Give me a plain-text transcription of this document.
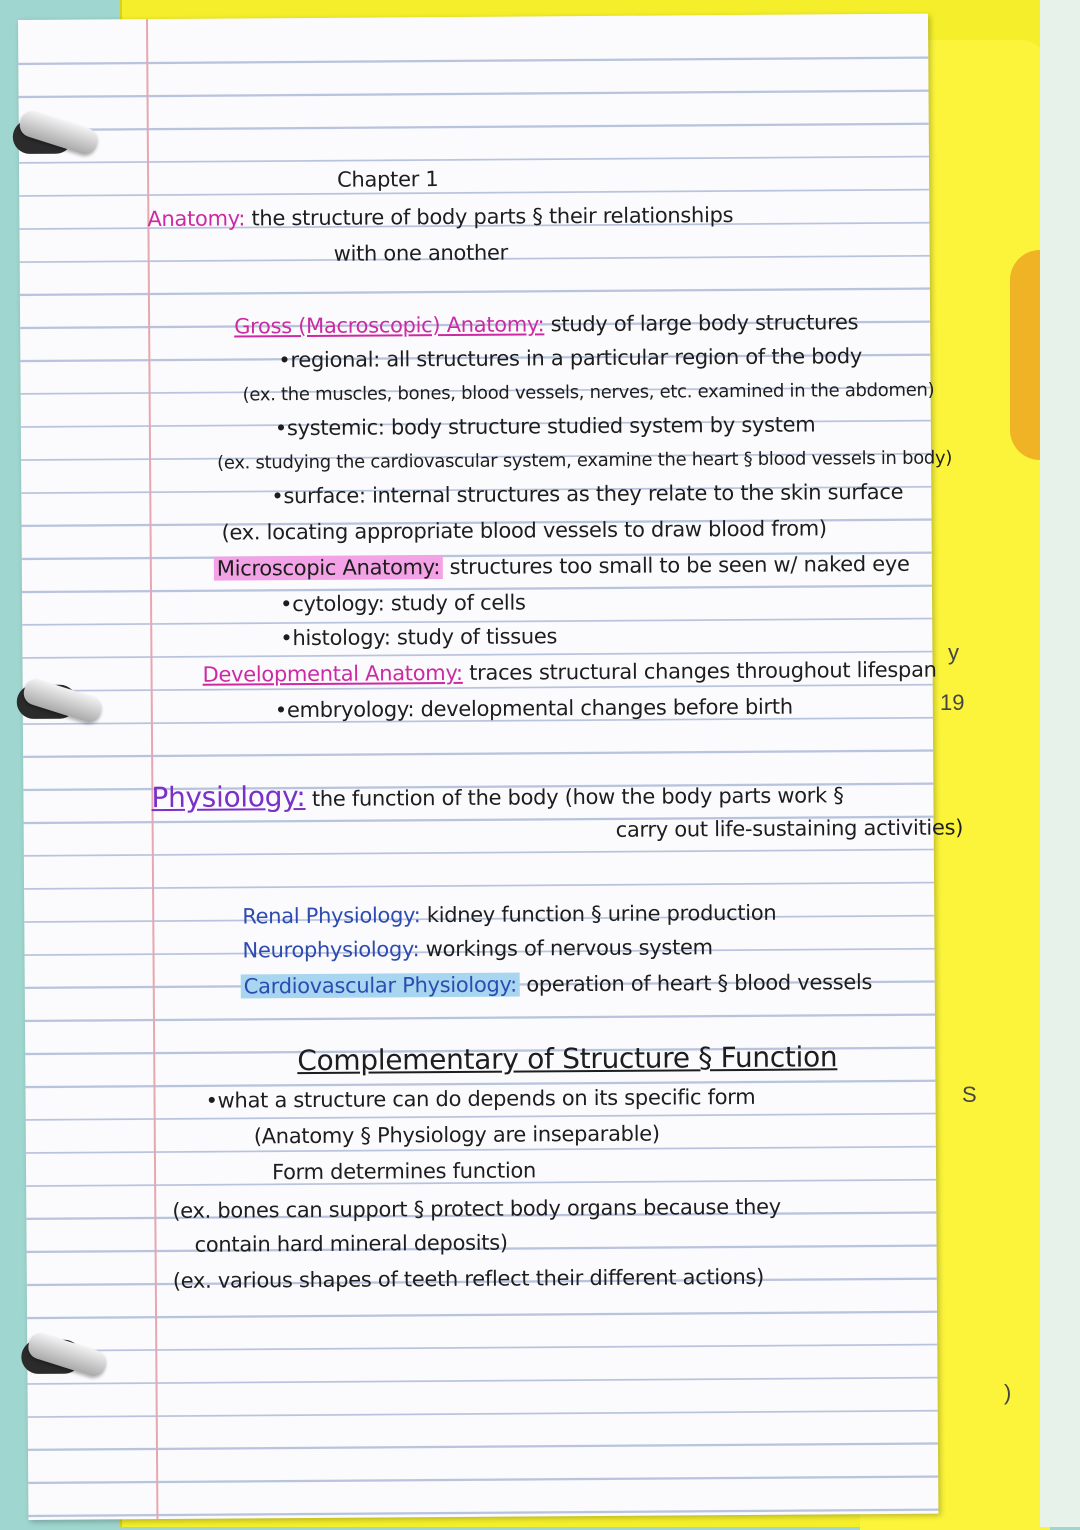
y
19
S
)
Chapter 1
Anatomy: the structure of body parts § their relationships
with one another
Gross (Macroscopic) Anatomy: study of large body structures
•regional: all structures in a particular region of the body
(ex. the muscles, bones, blood vessels, nerves, etc. examined in the abdomen)
•systemic: body structure studied system by system
(ex. studying the cardiovascular system, examine the heart § blood vessels in body)
•surface: internal structures as they relate to the skin surface
(ex. locating appropriate blood vessels to draw blood from)
Microscopic Anatomy: structures too small to be seen w/ naked eye
•cytology: study of cells
•histology: study of tissues
Developmental Anatomy: traces structural changes throughout lifespan
•embryology: developmental changes before birth
Physiology: the function of the body (how the body parts work §
carry out life-sustaining activities)
Renal Physiology: kidney function § urine production
Neurophysiology: workings of nervous system
Cardiovascular Physiology: operation of heart § blood vessels
Complementary of Structure § Function
•what a structure can do depends on its specific form
(Anatomy § Physiology are inseparable)
Form determines function
(ex. bones can support § protect body organs because they
contain hard mineral deposits)
(ex. various shapes of teeth reflect their different actions)
